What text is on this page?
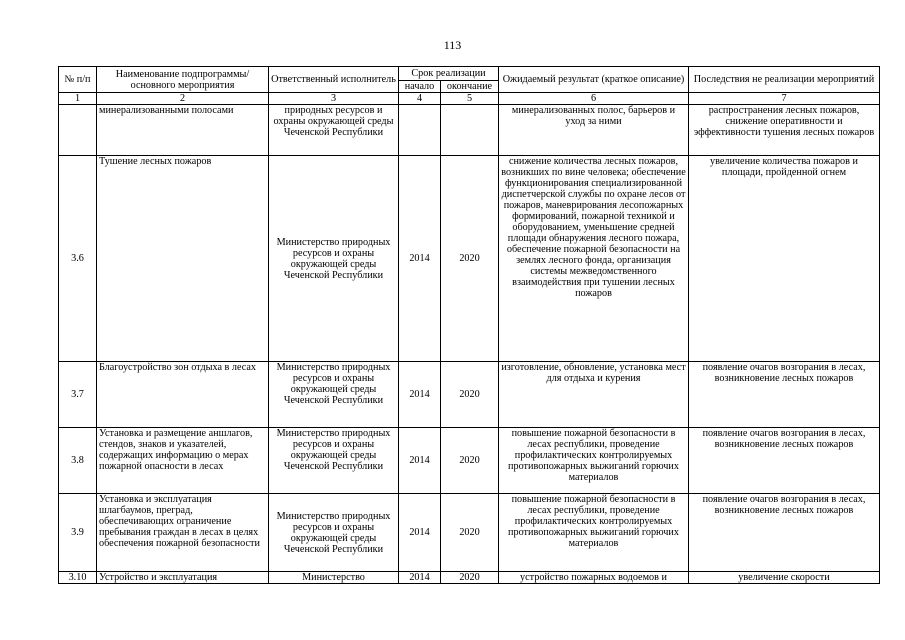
113
№ п/п	Наименование подпрограммы/ основного мероприятия	Ответственный исполнитель	Срок реализации		Ожидаемый результат (краткое описание)	Последствия не реализации мероприятий
			начало	окончание		
1	2	3	4	5	6	7
	минерализованными полосами	природных ресурсов и охраны окружающей среды Чеченской Республики			минерализованных полос, барьеров и уход за ними	распространения лесных пожаров, снижение оперативности и эффективности тушения лесных пожаров
3.6	Тушение лесных пожаров	Министерство природных ресурсов и охраны окружающей среды Чеченской Республики	2014	2020	снижение количества лесных пожаров, возникших по вине человека; обеспечение функционирования специализированной диспетчерской службы по охране лесов от пожаров, маневрирования лесопожарных формирований, пожарной техникой и оборудованием, уменьшение средней площади обнаружения лесного пожара, обеспечение пожарной безопасности на землях лесного фонда, организация системы межведомственного взаимодействия при тушении лесных пожаров	увеличение количества пожаров и площади, пройденной огнем
3.7	Благоустройство зон отдыха в лесах	Министерство природных ресурсов и охраны окружающей среды Чеченской Республики	2014	2020	изготовление, обновление, установка мест для отдыха и курения	появление очагов возгорания в лесах, возникновение лесных пожаров
3.8	Установка и размещение аншлагов, стендов, знаков и указателей, содержащих информацию о мерах пожарной опасности в лесах	Министерство природных ресурсов и охраны окружающей среды Чеченской Республики	2014	2020	повышение пожарной безопасности в лесах республики, проведение профилактических контролируемых противопожарных выжиганий горючих материалов	появление очагов возгорания в лесах, возникновение лесных пожаров
3.9	Установка и эксплуатация шлагбаумов, преград, обеспечивающих ограничение пребывания граждан в лесах в целях обеспечения пожарной безопасности	Министерство природных ресурсов и охраны окружающей среды Чеченской Республики	2014	2020	повышение пожарной безопасности в лесах республики, проведение профилактических контролируемых противопожарных выжиганий горючих материалов	появление очагов возгорания в лесах, возникновение лесных пожаров
3.10	Устройство и эксплуатация	Министерство	2014	2020	устройство пожарных водоемов и	увеличение скорости
